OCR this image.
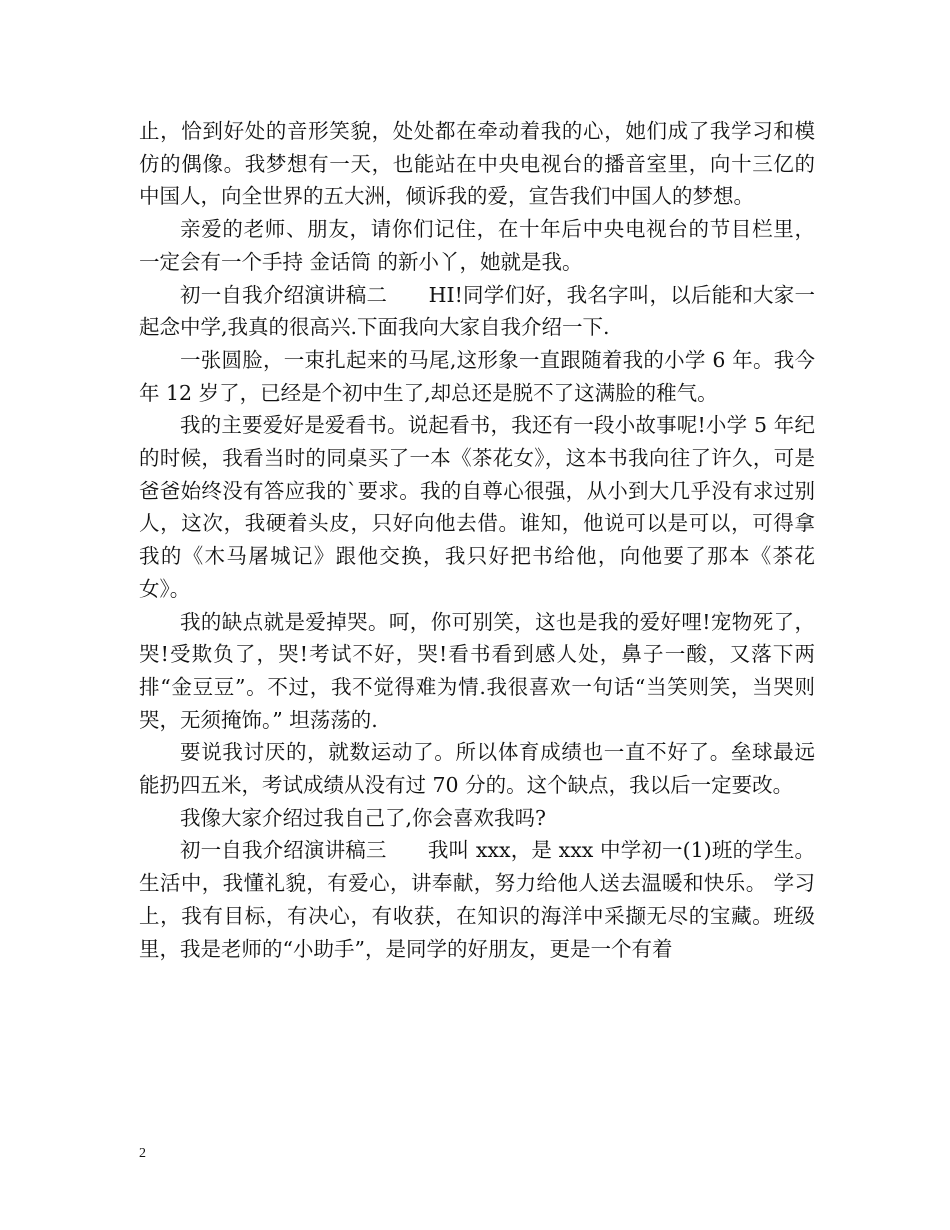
止，恰到好处的音形笑貌，处处都在牵动着我的心，她们成了我学习和模仿的偶像。我梦想有一天，也能站在中央电视台的播音室里，向十三亿的中国人，向全世界的五大洲，倾诉我的爱，宣告我们中国人的梦想。

亲爱的老师、朋友，请你们记住，在十年后中央电视台的节目栏里，一定会有一个手持 金话筒 的新小丫，她就是我。

初一自我介绍演讲稿二　　HI!同学们好，我名字叫，以后能和大家一起念中学,我真的很高兴.下面我向大家自我介绍一下.

一张圆脸，一束扎起来的马尾,这形象一直跟随着我的小学 6 年。我今年 12 岁了，已经是个初中生了,却总还是脱不了这满脸的稚气。

我的主要爱好是爱看书。说起看书，我还有一段小故事呢!小学 5 年纪的时候，我看当时的同桌买了一本《茶花女》，这本书我向往了许久，可是爸爸始终没有答应我的`要求。我的自尊心很强，从小到大几乎没有求过别人，这次，我硬着头皮，只好向他去借。谁知，他说可以是可以，可得拿我的《木马屠城记》跟他交换，我只好把书给他，向他要了那本《茶花女》。

我的缺点就是爱掉哭。呵，你可别笑，这也是我的爱好哩!宠物死了，哭!受欺负了，哭!考试不好，哭!看书看到感人处，鼻子一酸，又落下两排“金豆豆”。不过，我不觉得难为情.我很喜欢一句话“当笑则笑，当哭则哭，无须掩饰。” 坦荡荡的.

要说我讨厌的，就数运动了。所以体育成绩也一直不好了。垒球最远能扔四五米，考试成绩从没有过 70 分的。这个缺点，我以后一定要改。

我像大家介绍过我自己了,你会喜欢我吗?

初一自我介绍演讲稿三　　我叫 xxx，是 xxx 中学初一(1)班的学生。生活中，我懂礼貌，有爱心，讲奉献，努力给他人送去温暖和快乐。 学习上，我有目标，有决心，有收获，在知识的海洋中采撷无尽的宝藏。班级里，我是老师的“小助手”，是同学的好朋友，更是一个有着

2
